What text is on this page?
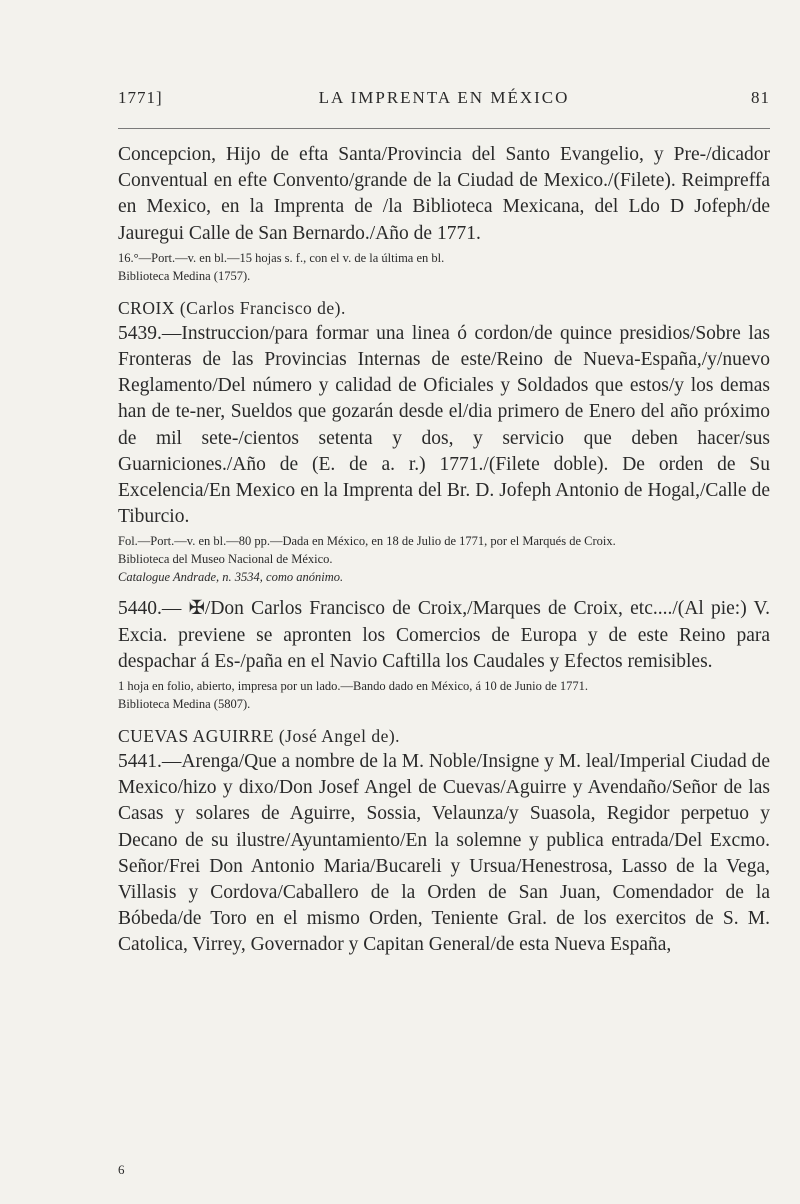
1771]	LA IMPRENTA EN MÉXICO	81

Concepcion, Hijo de efta Santa/Provincia del Santo Evangelio, y Pre-/dicador Conventual en efte Convento/grande de la Ciudad de Mexico./(Filete). Reimpreffa en Mexico, en la Imprenta de /la Biblioteca Mexicana, del Ldo D Jofeph/de Jauregui Calle de San Bernardo./Año de 1771.

16.°—Port.—v. en bl.—15 hojas s. f., con el v. de la última en bl.

Biblioteca Medina (1757).

CROIX (Carlos Francisco de).

5439.—Instruccion/para formar una linea ó cordon/de quince presidios/Sobre las Fronteras de las Provincias Internas de este/Reino de Nueva-España,/y/nuevo Reglamento/Del número y calidad de Oficiales y Soldados que estos/y los demas han de te-ner, Sueldos que gozarán desde el/dia primero de Enero del año próximo de mil sete-/cientos setenta y dos, y servicio que deben hacer/sus Guarniciones./Año de (E. de a. r.) 1771./(Filete doble). De orden de Su Excelencia/En Mexico en la Imprenta del Br. D. Jofeph Antonio de Hogal,/Calle de Tiburcio.

Fol.—Port.—v. en bl.—80 pp.—Dada en México, en 18 de Julio de 1771, por el Marqués de Croix.

Biblioteca del Museo Nacional de México.

Catalogue Andrade, n. 3534, como anónimo.

5440.— ✠/Don Carlos Francisco de Croix,/Marques de Croix, etc..../(Al pie:) V. Excia. previene se apronten los Comercios de Europa y de este Reino para despachar á Es-/paña en el Navio Caftilla los Caudales y Efectos remisibles.

1 hoja en folio, abierto, impresa por un lado.—Bando dado en México, á 10 de Junio de 1771.

Biblioteca Medina (5807).

CUEVAS AGUIRRE (José Angel de).

5441.—Arenga/Que a nombre de la M. Noble/Insigne y M. leal/Imperial Ciudad de Mexico/hizo y dixo/Don Josef Angel de Cuevas/Aguirre y Avendaño/Señor de las Casas y solares de Aguirre, Sossia, Velaunza/y Suasola, Regidor perpetuo y Decano de su ilustre/Ayuntamiento/En la solemne y publica entrada/Del Excmo. Señor/Frei Don Antonio Maria/Bucareli y Ursua/Henestrosa, Lasso de la Vega, Villasis y Cordova/Caballero de la Orden de San Juan, Comendador de la Bóbeda/de Toro en el mismo Orden, Teniente Gral. de los exercitos de S. M. Catolica, Virrey, Governador y Capitan General/de esta Nueva España,

6
